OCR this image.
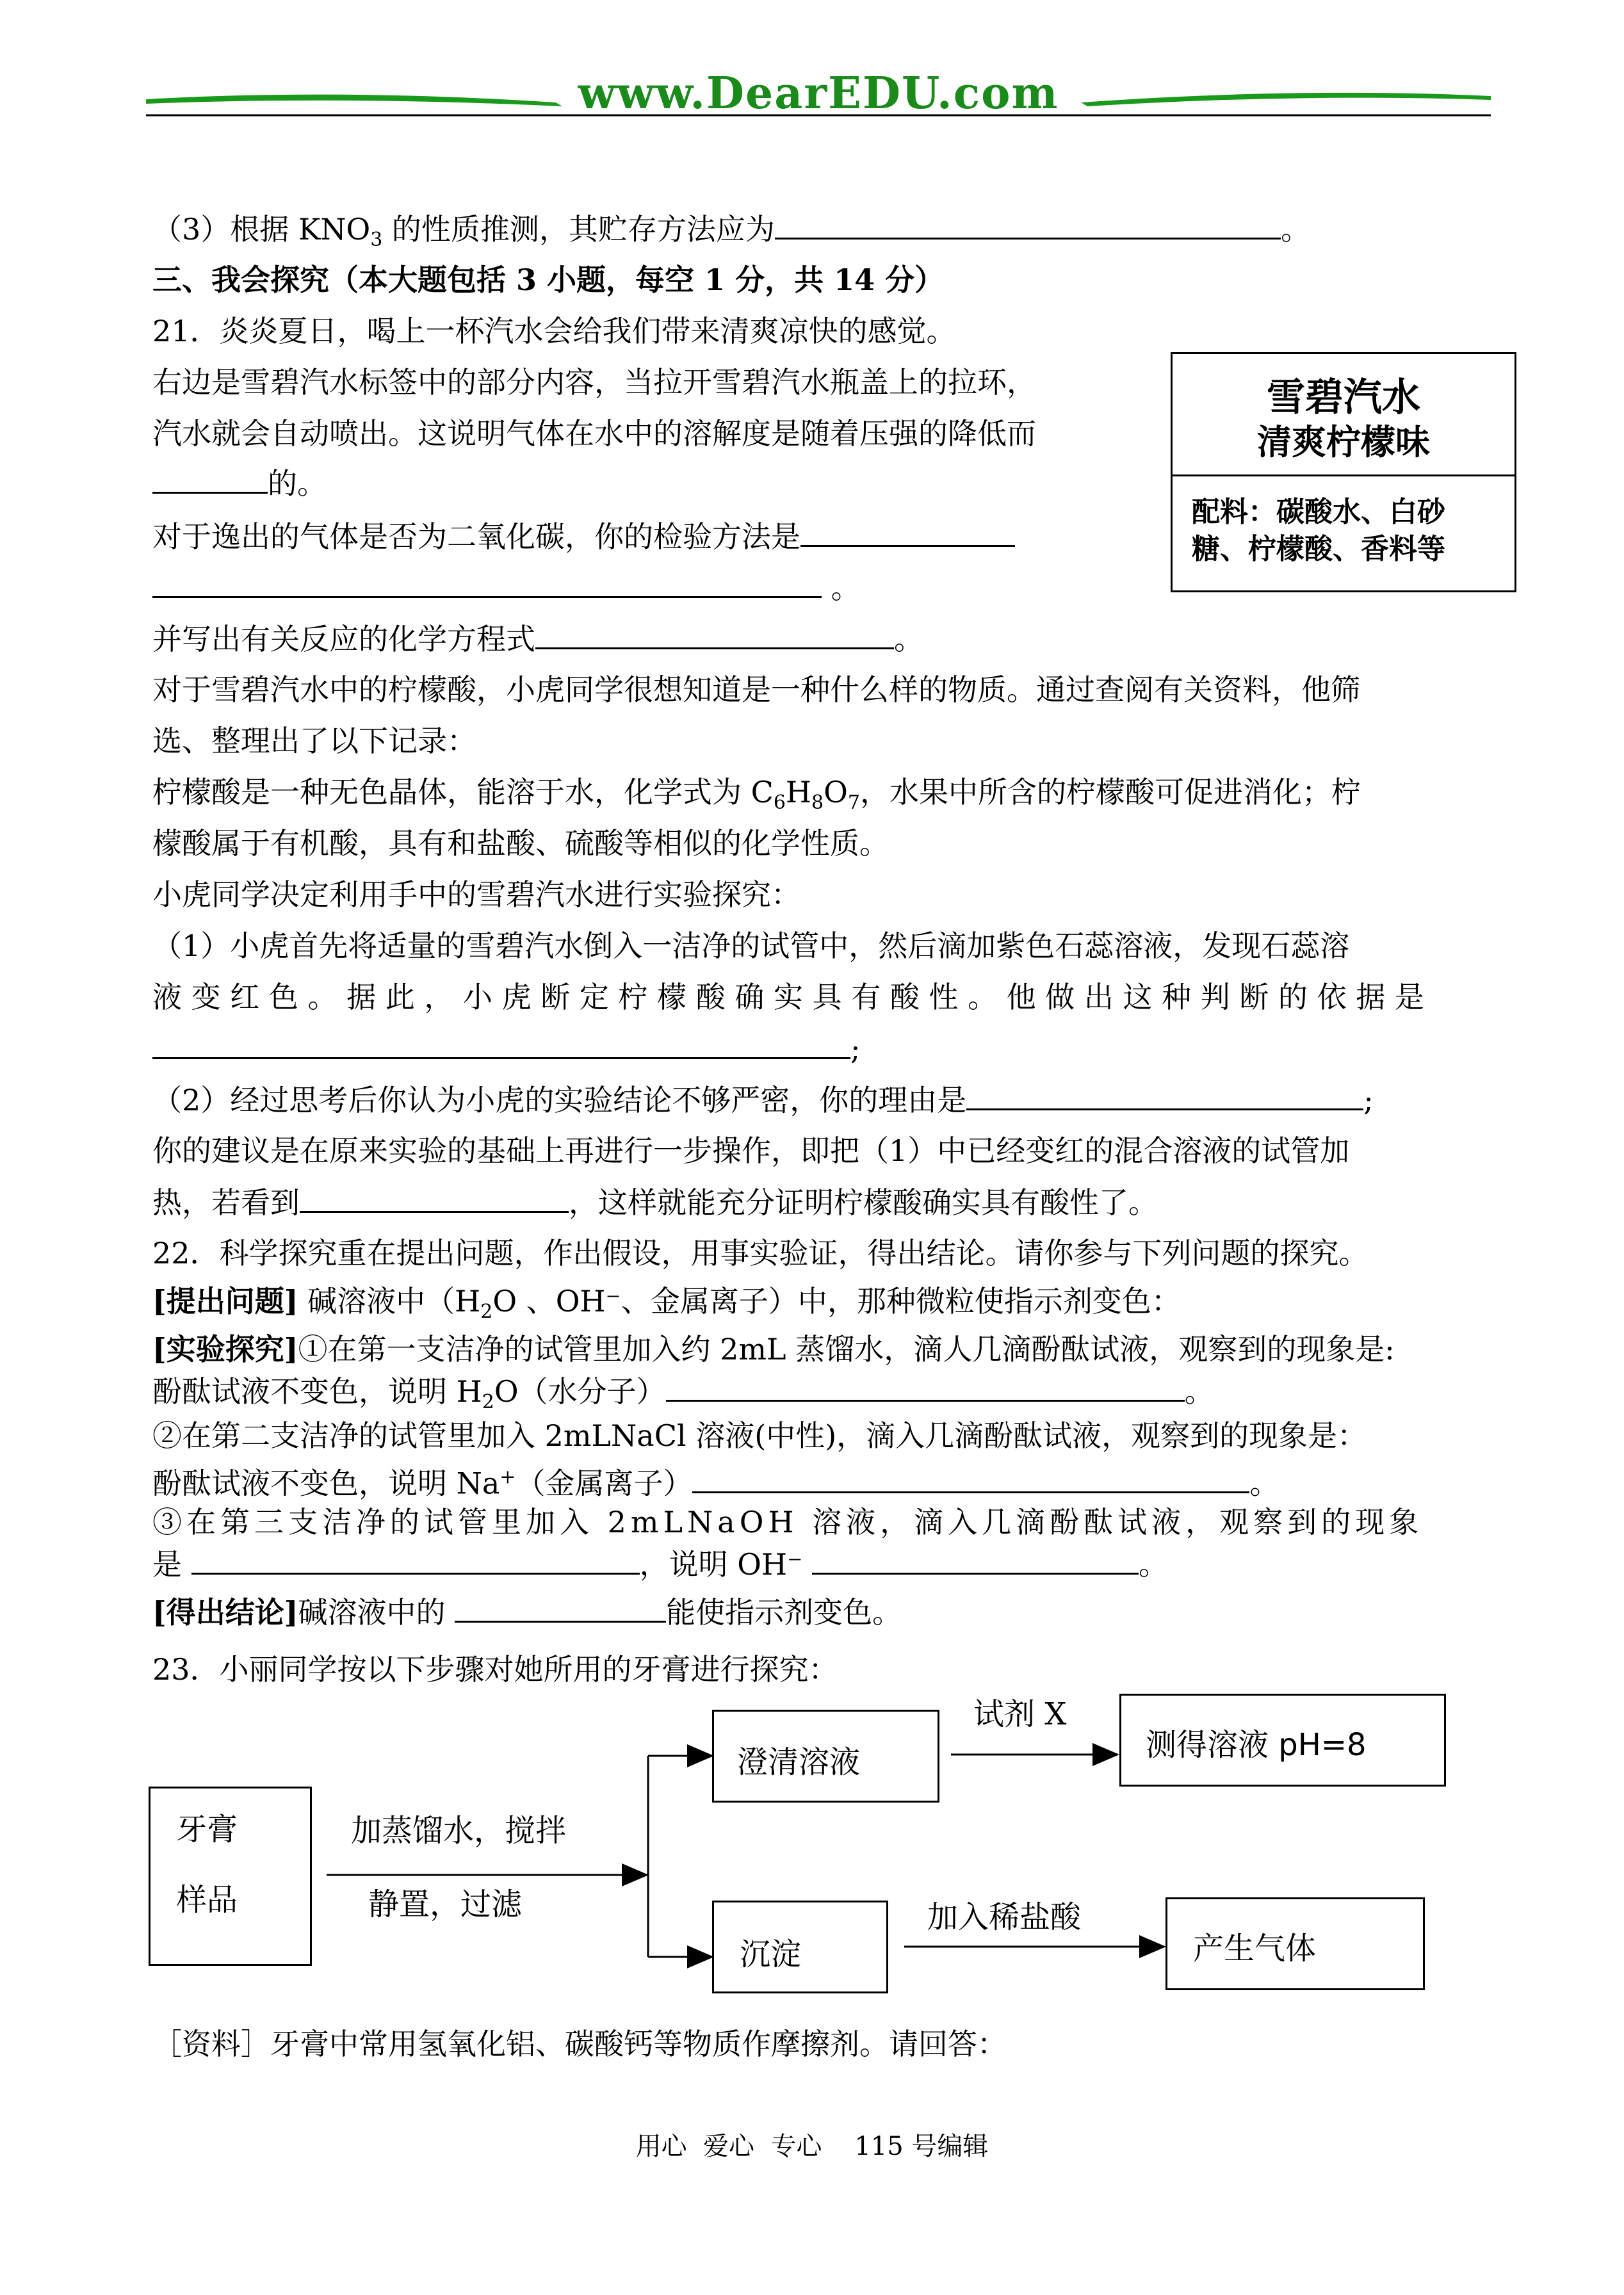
www.DearEDU.com
（3）根据 $KNO_3$ 的性质推测，其贮存方法应为	。
三、我会探究（本大题包括 3 小题，每空 1 分，共 14 分）
21．炎炎夏日，喝上一杯汽水会给我们带来清爽凉快的感觉。
右边是雪碧汽水标签中的部分内容，当拉开雪碧汽水瓶盖上的拉环，
汽水就会自动喷出。这说明气体在水中的溶解度是随着压强的降低而
的。
对于逸出的气体是否为二氧化碳，你的检验方法是
。
并写出有关反应的化学方程式	。
对于雪碧汽水中的柠檬酸，小虎同学很想知道是一种什么样的物质。通过查阅有关资料，他筛
选、整理出了以下记录：
柠檬酸是一种无色晶体，能溶于水，化学式为 $C_6H_8O_7$，水果中所含的柠檬酸可促进消化；柠
檬酸属于有机酸，具有和盐酸、硫酸等相似的化学性质。
小虎同学决定利用手中的雪碧汽水进行实验探究：
（1）小虎首先将适量的雪碧汽水倒入一洁净的试管中，然后滴加紫色石蕊溶液，发现石蕊溶
液 变 红 色 。 据 此 ， 小 虎 断 定 柠 檬 酸 确 实 具 有 酸 性 。 他 做 出 这 种 判 断 的 依 据 是
;
（2）经过思考后你认为小虎的实验结论不够严密，你的理由是	;
你的建议是在原来实验的基础上再进行一步操作，即把（1）中已经变红的混合溶液的试管加
热，若看到	，这样就能充分证明柠檬酸确实具有酸性了。
22．科学探究重在提出问题，作出假设，用事实验证，得出结论。请你参与下列问题的探究。
[提出问题] 碱溶液中（$H_2O$ 、OH⁻、金属离子）中，那种微粒使指示剂变色：
[实验探究]①在第一支洁净的试管里加入约 2mL 蒸馏水，滴人几滴酚酞试液，观察到的现象是:
酚酞试液不变色，说明 $H_2O$（水分子）	。
②在第二支洁净的试管里加入 2mLNaCl 溶液(中性)，滴入几滴酚酞试液，观察到的现象是：
酚酞试液不变色，说明 Na+（金属离子）	。
③在第三支洁净的试管里加入 2mLNaOH 溶液，滴入几滴酚酞试液，观察到的现象
是	，说明 OH⁻	。
[得出结论]碱溶液中的	能使指示剂变色。
23．小丽同学按以下步骤对她所用的牙膏进行探究：
雪碧汽水
清爽柠檬味
配料：碳酸水、白砂
糖、柠檬酸、香料等
牙膏
样品
加蒸馏水，搅拌
静置，过滤
澄清溶液
试剂 X
测得溶液 pH=8
沉淀
加入稀盐酸
产生气体
［资料］牙膏中常用氢氧化铝、碳酸钙等物质作摩擦剂。请回答：
用心  爱心  专心    115 号编辑
